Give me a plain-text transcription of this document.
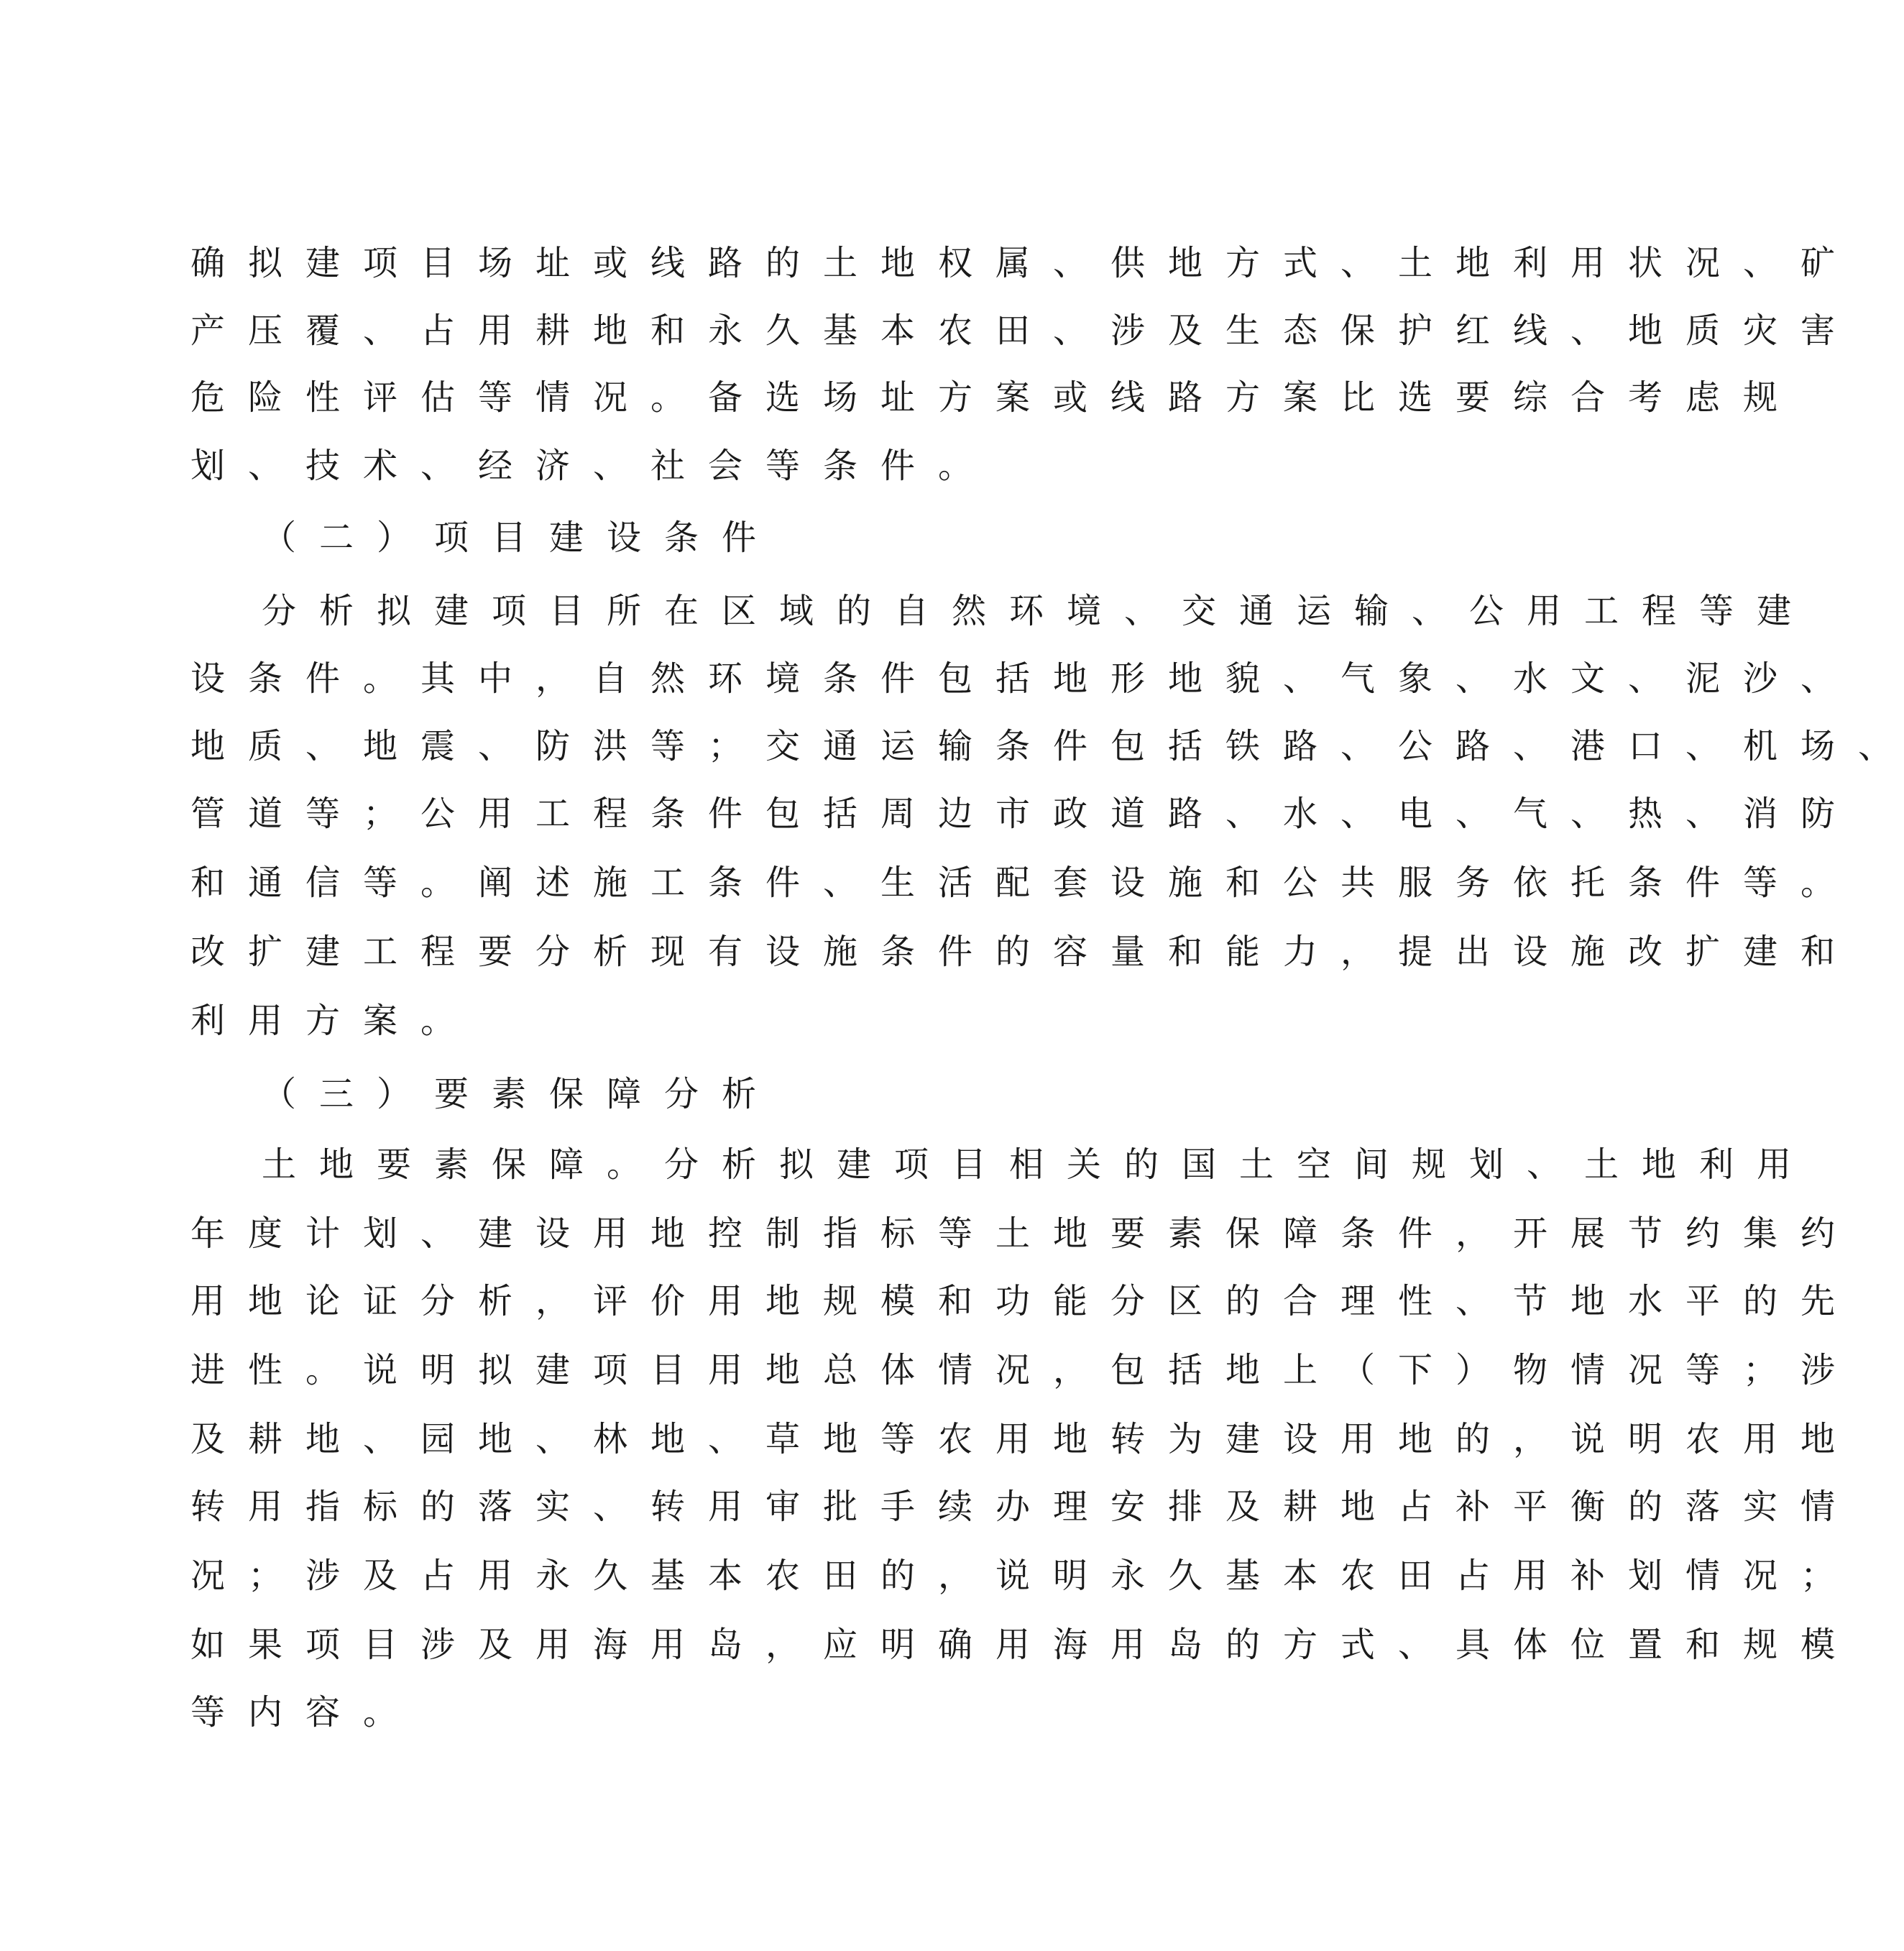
确 拟 建 项 目 场 址 或 线 路 的 土 地 权 属 、 供 地 方 式 、 土 地 利 用 状 况 、 矿
产 压 覆 、 占 用 耕 地 和 永 久 基 本 农 田 、 涉 及 生 态 保 护 红 线 、 地 质 灾 害
危 险 性 评 估 等 情 况 。 备 选 场 址 方 案 或 线 路 方 案 比 选 要 综 合 考 虑 规
划 、 技 术 、 经 济 、 社 会 等 条 件 。
（ 二 ） 项 目 建 设 条 件
分 析 拟 建 项 目 所 在 区 域 的 自 然 环 境 、 交 通 运 输 、 公 用 工 程 等 建
设 条 件 。 其 中 ， 自 然 环 境 条 件 包 括 地 形 地 貌 、 气 象 、 水 文 、 泥 沙 、
地 质 、 地 震 、 防 洪 等 ； 交 通 运 输 条 件 包 括 铁 路 、 公 路 、 港 口 、 机 场 、
管 道 等 ； 公 用 工 程 条 件 包 括 周 边 市 政 道 路 、 水 、 电 、 气 、 热 、 消 防
和 通 信 等 。 阐 述 施 工 条 件 、 生 活 配 套 设 施 和 公 共 服 务 依 托 条 件 等 。
改 扩 建 工 程 要 分 析 现 有 设 施 条 件 的 容 量 和 能 力 ， 提 出 设 施 改 扩 建 和
利 用 方 案 。
（ 三 ） 要 素 保 障 分 析
土 地 要 素 保 障 。 分 析 拟 建 项 目 相 关 的 国 土 空 间 规 划 、 土 地 利 用
年 度 计 划 、 建 设 用 地 控 制 指 标 等 土 地 要 素 保 障 条 件 ， 开 展 节 约 集 约
用 地 论 证 分 析 ， 评 价 用 地 规 模 和 功 能 分 区 的 合 理 性 、 节 地 水 平 的 先
进 性 。 说 明 拟 建 项 目 用 地 总 体 情 况 ， 包 括 地 上 （ 下 ） 物 情 况 等 ； 涉
及 耕 地 、 园 地 、 林 地 、 草 地 等 农 用 地 转 为 建 设 用 地 的 ， 说 明 农 用 地
转 用 指 标 的 落 实 、 转 用 审 批 手 续 办 理 安 排 及 耕 地 占 补 平 衡 的 落 实 情
况 ； 涉 及 占 用 永 久 基 本 农 田 的 ， 说 明 永 久 基 本 农 田 占 用 补 划 情 况 ；
如 果 项 目 涉 及 用 海 用 岛 ， 应 明 确 用 海 用 岛 的 方 式 、 具 体 位 置 和 规 模
等 内 容 。
